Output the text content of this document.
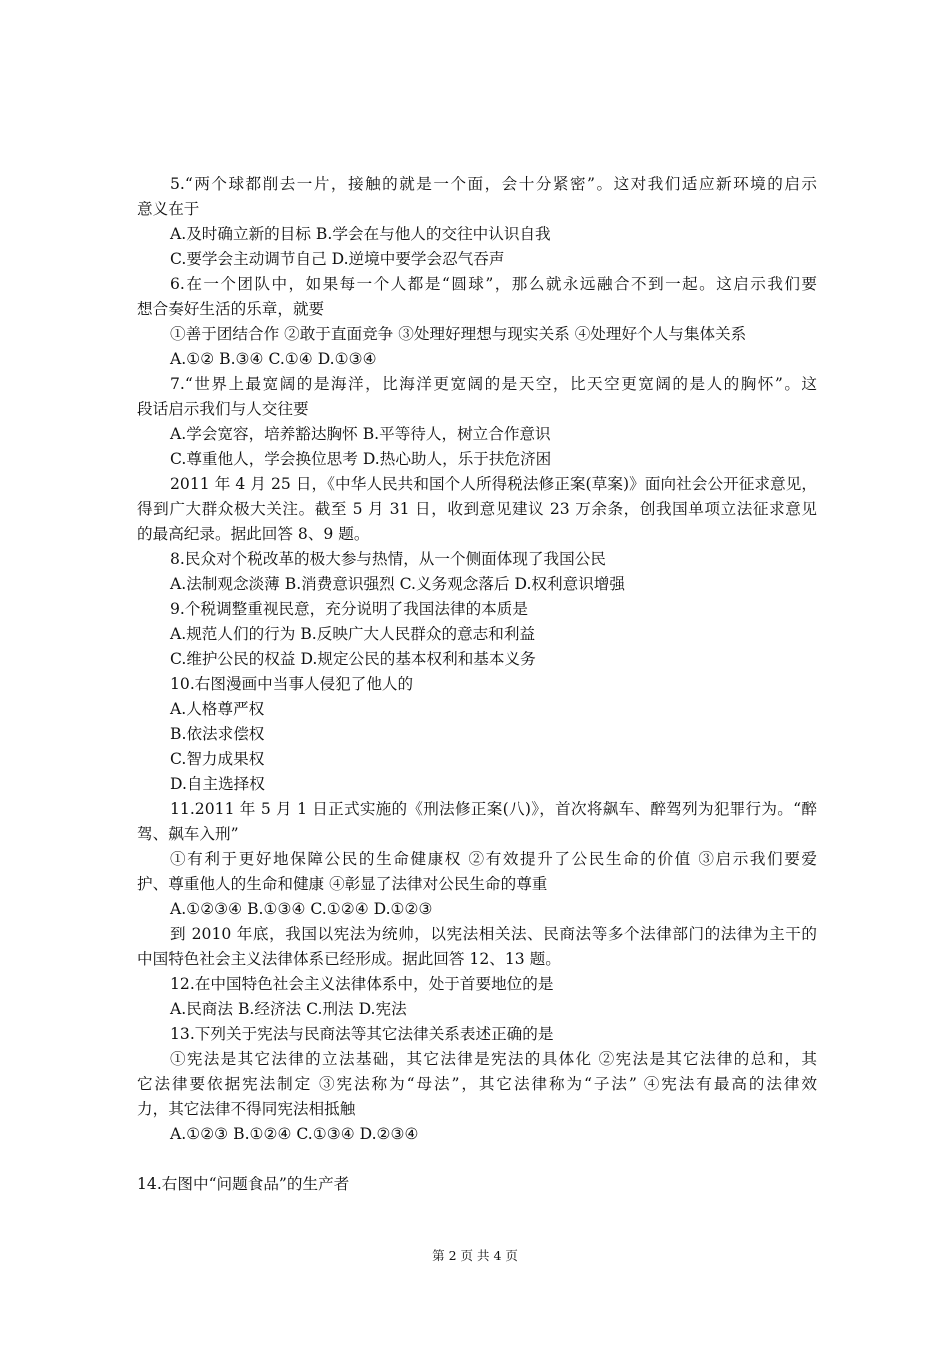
5.“两个球都削去一片，接触的就是一个面，会十分紧密”。这对我们适应新环境的启示

意义在于

A.及时确立新的目标 B.学会在与他人的交往中认识自我

C.要学会主动调节自己 D.逆境中要学会忍气吞声

6.在一个团队中，如果每一个人都是“圆球”，那么就永远融合不到一起。这启示我们要

想合奏好生活的乐章，就要

①善于团结合作 ②敢于直面竞争 ③处理好理想与现实关系 ④处理好个人与集体关系

A.①② B.③④ C.①④ D.①③④

7.“世界上最宽阔的是海洋，比海洋更宽阔的是天空，比天空更宽阔的是人的胸怀”。这

段话启示我们与人交往要

A.学会宽容，培养豁达胸怀 B.平等待人，树立合作意识

C.尊重他人，学会换位思考 D.热心助人，乐于扶危济困

2011 年 4 月 25 日，《中华人民共和国个人所得税法修正案(草案)》面向社会公开征求意见，

得到广大群众极大关注。截至 5 月 31 日，收到意见建议 23 万余条，创我国单项立法征求意见

的最高纪录。据此回答 8、9 题。

8.民众对个税改革的极大参与热情，从一个侧面体现了我国公民

A.法制观念淡薄 B.消费意识强烈 C.义务观念落后 D.权利意识增强

9.个税调整重视民意，充分说明了我国法律的本质是

A.规范人们的行为 B.反映广大人民群众的意志和利益

C.维护公民的权益 D.规定公民的基本权利和基本义务

10.右图漫画中当事人侵犯了他人的

A.人格尊严权

B.依法求偿权

C.智力成果权

D.自主选择权

11.2011 年 5 月 1 日正式实施的《刑法修正案(八)》，首次将飙车、醉驾列为犯罪行为。“醉

驾、飙车入刑”

①有利于更好地保障公民的生命健康权 ②有效提升了公民生命的价值 ③启示我们要爱

护、尊重他人的生命和健康 ④彰显了法律对公民生命的尊重

A.①②③④ B.①③④ C.①②④ D.①②③

到 2010 年底，我国以宪法为统帅，以宪法相关法、民商法等多个法律部门的法律为主干的

中国特色社会主义法律体系已经形成。据此回答 12、13 题。

12.在中国特色社会主义法律体系中，处于首要地位的是

A.民商法 B.经济法 C.刑法 D.宪法

13.下列关于宪法与民商法等其它法律关系表述正确的是

①宪法是其它法律的立法基础，其它法律是宪法的具体化 ②宪法是其它法律的总和，其

它法律要依据宪法制定 ③宪法称为“母法”，其它法律称为“子法” ④宪法有最高的法律效

力，其它法律不得同宪法相抵触

A.①②③ B.①②④ C.①③④ D.②③④

14.右图中“问题食品”的生产者
第 2 页 共 4 页
